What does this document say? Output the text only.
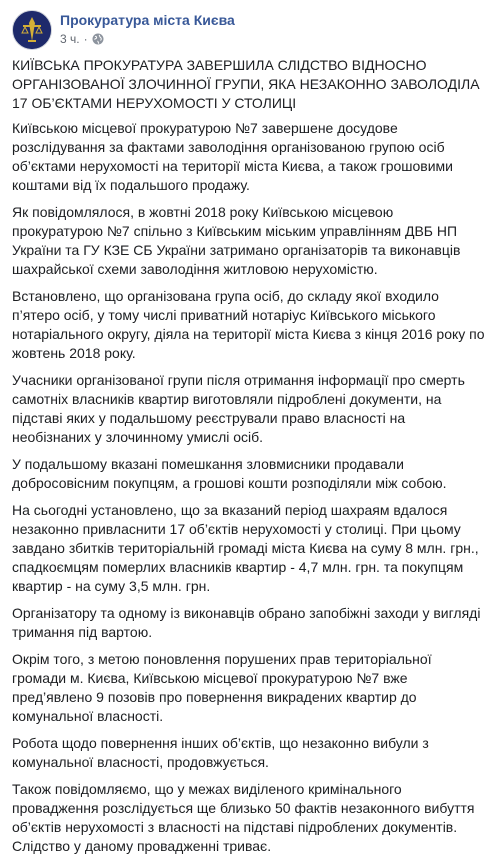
Прокуратура міста Києва
3 ч. ·

КИЇВСЬКА ПРОКУРАТУРА ЗАВЕРШИЛА СЛІДСТВО ВІДНОСНО ОРГАНІЗОВАНОЇ ЗЛОЧИННОЇ ГРУПИ, ЯКА НЕЗАКОННО ЗАВОЛОДІЛА 17 ОБ’ЄКТАМИ НЕРУХОМОСТІ У СТОЛИЦІ

Київською місцевої прокуратурою №7 завершене досудове розслідування за фактами заволодіння організованою групою осіб об’єктами нерухомості на території міста Києва, а також грошовими коштами від їх подальшого продажу.

Як повідомлялося, в жовтні 2018 року Київською місцевою прокуратурою №7 спільно з Київським міським управлінням ДВБ НП України та ГУ КЗЕ СБ України затримано організаторів та виконавців шахрайської схеми заволодіння житловою нерухомістю.

Встановлено, що організована група осіб, до складу якої входило п’ятеро осіб, у тому числі приватний нотаріус Київського міського нотаріального округу, діяла на території міста Києва з кінця 2016 року по жовтень 2018 року.

Учасники організованої групи після отримання інформації про смерть самотніх власників квартир виготовляли підроблені документи, на підставі яких у подальшому реєстрували право власності на необізнаних у злочинному умислі осіб.

У подальшому вказані помешкання зловмисники продавали добросовісним покупцям, а грошові кошти розподіляли між собою.

На сьогодні установлено, що за вказаний період шахраям вдалося незаконно привласнити 17 об’єктів нерухомості у столиці. При цьому завдано збитків територіальній громаді міста Києва на суму 8 млн. грн., спадкоємцям померлих власників квартир - 4,7 млн. грн. та покупцям квартир - на суму 3,5 млн. грн.

Організатору та одному із виконавців обрано запобіжні заходи у вигляді тримання під вартою.

Окрім того, з метою поновлення порушених прав територіальної громади м. Києва, Київською місцевої прокуратурою №7 вже пред’явлено 9 позовів про повернення викрадених квартир до комунальної власності.

Робота щодо повернення інших об’єктів, що незаконно вибули з комунальної власності, продовжується.

Також повідомляємо, що у межах виділеного кримінального провадження розслідується ще близько 50 фактів незаконного вибуття об’єктів нерухомості з власності на підставі підроблених документів. Слідство у даному провадженні триває.
